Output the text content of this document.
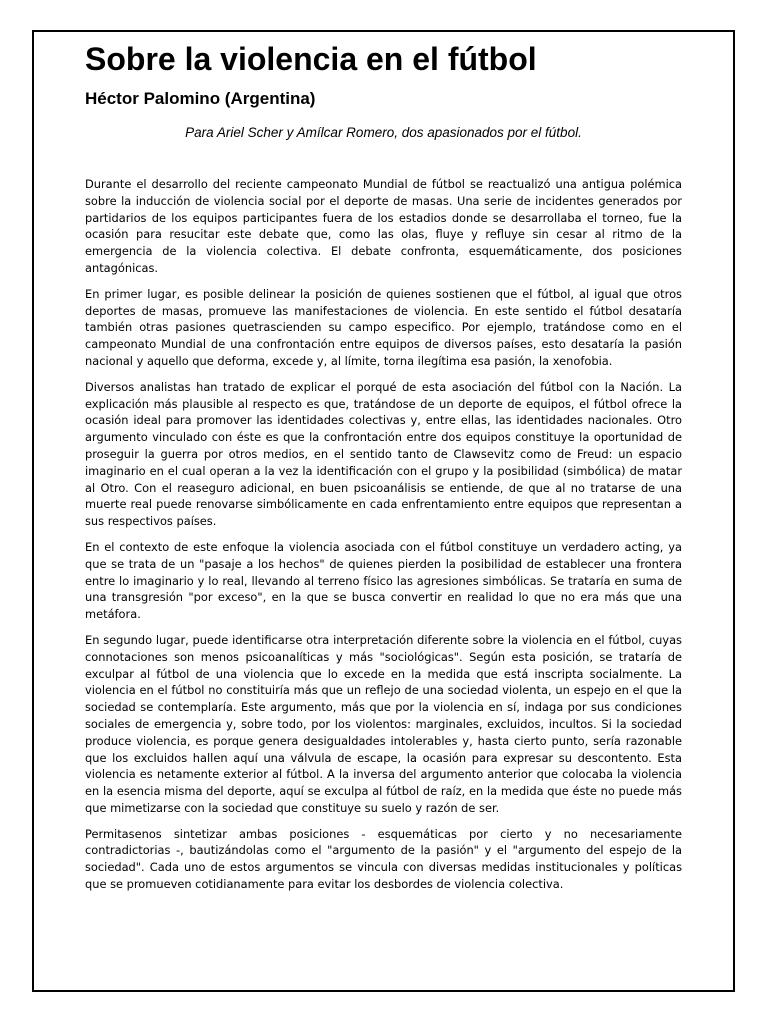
Sobre la violencia en el fútbol
Héctor Palomino (Argentina)

Para Ariel Scher y Amílcar Romero, dos apasionados por el fútbol.

Durante el desarrollo del reciente campeonato Mundial de fútbol se reactualizó una antigua polémica sobre la inducción de violencia social por el deporte de masas. Una serie de incidentes generados por partidarios de los equipos participantes fuera de los estadios donde se desarrollaba el torneo, fue la ocasión para resucitar este debate que, como las olas, fluye y refluye sin cesar al ritmo de la emergencia de la violencia colectiva. El debate confronta, esquemáticamente, dos posiciones antagónicas.

En primer lugar, es posible delinear la posición de quienes sostienen que el fútbol, al igual que otros deportes de masas, promueve las manifestaciones de violencia. En este sentido el fútbol desataría también otras pasiones quetrascienden su campo especifico. Por ejemplo, tratándose como en el campeonato Mundial de una confrontación entre equipos de diversos países, esto desataría la pasión nacional y aquello que deforma, excede y, al límite, torna ilegítima esa pasión, la xenofobia.

Diversos analistas han tratado de explicar el porqué de esta asociación del fútbol con la Nación. La explicación más plausible al respecto es que, tratándose de un deporte de equipos, el fútbol ofrece la ocasión ideal para promover las identidades colectivas y, entre ellas, las identidades nacionales. Otro argumento vinculado con éste es que la confrontación entre dos equipos constituye la oportunidad de proseguir la guerra por otros medios, en el sentido tanto de Clawsevitz como de Freud: un espacio imaginario en el cual operan a la vez la identificación con el grupo y la posibilidad (simbólica) de matar al Otro. Con el reaseguro adicional, en buen psicoanálisis se entiende, de que al no tratarse de una muerte real puede renovarse simbólicamente en cada enfrentamiento entre equipos que representan a sus respectivos países.

En el contexto de este enfoque la violencia asociada con el fútbol constituye un verdadero acting, ya que se trata de un "pasaje a los hechos" de quienes pierden la posibilidad de establecer una frontera entre lo imaginario y lo real, llevando al terreno físico las agresiones simbólicas. Se trataría en suma de una transgresión "por exceso", en la que se busca convertir en realidad lo que no era más que una metáfora.

En segundo lugar, puede identificarse otra interpretación diferente sobre la violencia en el fútbol, cuyas connotaciones son menos psicoanalíticas y más "sociológicas". Según esta posición, se trataría de exculpar al fútbol de una violencia que lo excede en la medida que está inscripta socialmente. La violencia en el fútbol no constituiría más que un reflejo de una sociedad violenta, un espejo en el que la sociedad se contemplaría. Este argumento, más que por la violencia en sí, indaga por sus condiciones sociales de emergencia y, sobre todo, por los violentos: marginales, excluidos, incultos. Si la sociedad produce violencia, es porque genera desigualdades intolerables y, hasta cierto punto, sería razonable que los excluidos hallen aquí una válvula de escape, la ocasión para expresar su descontento. Esta violencia es netamente exterior al fútbol. A la inversa del argumento anterior que colocaba la violencia en la esencia misma del deporte, aquí se exculpa al fútbol de raíz, en la medida que éste no puede más que mimetizarse con la sociedad que constituye su suelo y razón de ser.

Permitasenos sintetizar ambas posiciones - esquemáticas por cierto y no necesariamente contradictorias -, bautizándolas como el "argumento de la pasión" y el "argumento del espejo de la sociedad". Cada uno de estos argumentos se vincula con diversas medidas institucionales y políticas que se promueven cotidianamente para evitar los desbordes de violencia colectiva.
